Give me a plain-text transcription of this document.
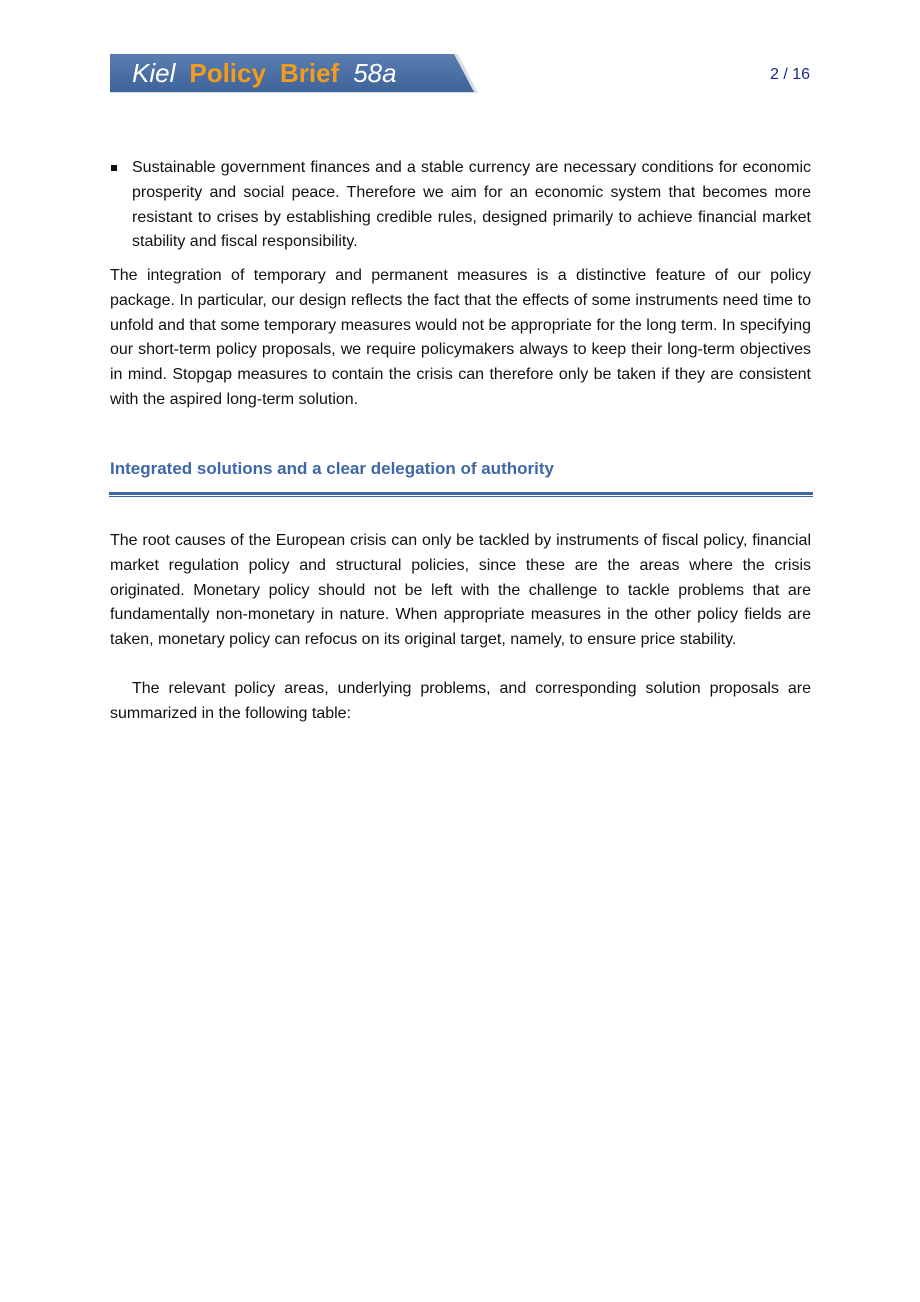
Kiel Policy Brief 58a	2 / 16
Sustainable government finances and a stable currency are necessary conditions for economic prosperity and social peace. Therefore we aim for an economic system that becomes more resistant to crises by establishing credible rules, designed primarily to achieve financial market stability and fiscal responsibility.

The integration of temporary and permanent measures is a distinctive feature of our policy package. In particular, our design reflects the fact that the effects of some instruments need time to unfold and that some temporary measures would not be appropriate for the long term. In specifying our short-term policy proposals, we require policymakers always to keep their long-term objectives in mind. Stopgap measures to contain the crisis can therefore only be taken if they are consistent with the aspired long-term solution.

Integrated solutions and a clear delegation of authority

The root causes of the European crisis can only be tackled by instruments of fiscal policy, financial market regulation policy and structural policies, since these are the areas where the crisis originated. Monetary policy should not be left with the challenge to tackle problems that are fundamentally non-monetary in nature. When appropriate measures in the other policy fields are taken, monetary policy can refocus on its original target, namely, to ensure price stability.

The relevant policy areas, underlying problems, and corresponding solution proposals are summarized in the following table:
